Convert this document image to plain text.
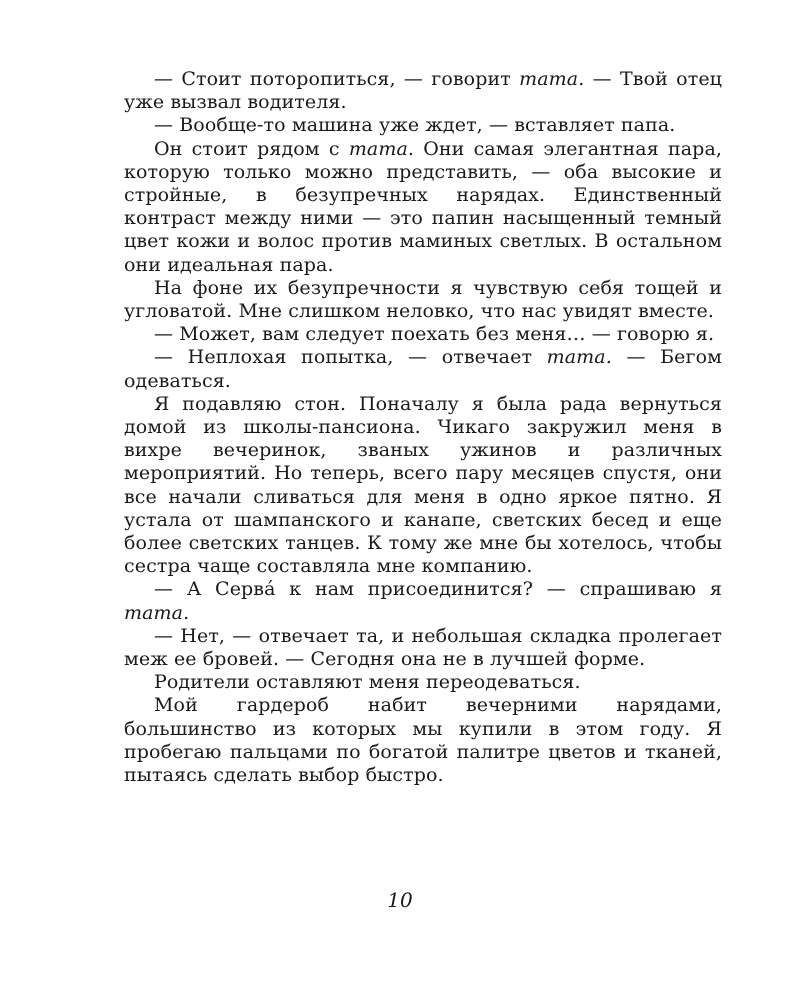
— Стоит поторопиться, — говорит mama. — Твой отец уже вызвал водителя.

— Вообще-то машина уже ждет, — вставляет папа.

Он стоит рядом с mama. Они самая элегантная пара, которую только можно представить, — оба высокие и стройные, в безупречных нарядах. Единственный контраст между ними — это папин насыщенный темный цвет кожи и волос против маминых светлых. В остальном они идеальная пара.

На фоне их безупречности я чувствую себя тощей и угловатой. Мне слишком неловко, что нас увидят вместе.

— Может, вам следует поехать без меня… — говорю я.

— Неплохая попытка, — отвечает mama. — Бегом одеваться.

Я подавляю стон. Поначалу я была рада вернуться домой из школы-пансиона. Чикаго закружил меня в вихре вечеринок, званых ужинов и различных мероприятий. Но теперь, всего пару месяцев спустя, они все начали сливаться для меня в одно яркое пятно. Я устала от шампанского и канапе, светских бесед и еще более светских танцев. К тому же мне бы хотелось, чтобы сестра чаще составляла мне компанию.

— А Серва́ к нам присоединится? — спрашиваю я mama.

— Нет, — отвечает та, и небольшая складка пролегает меж ее бровей. — Сегодня она не в лучшей форме.

Родители оставляют меня переодеваться.

Мой гардероб набит вечерними нарядами, большинство из которых мы купили в этом году. Я пробегаю пальцами по богатой палитре цветов и тканей, пытаясь сделать выбор быстро.

10
